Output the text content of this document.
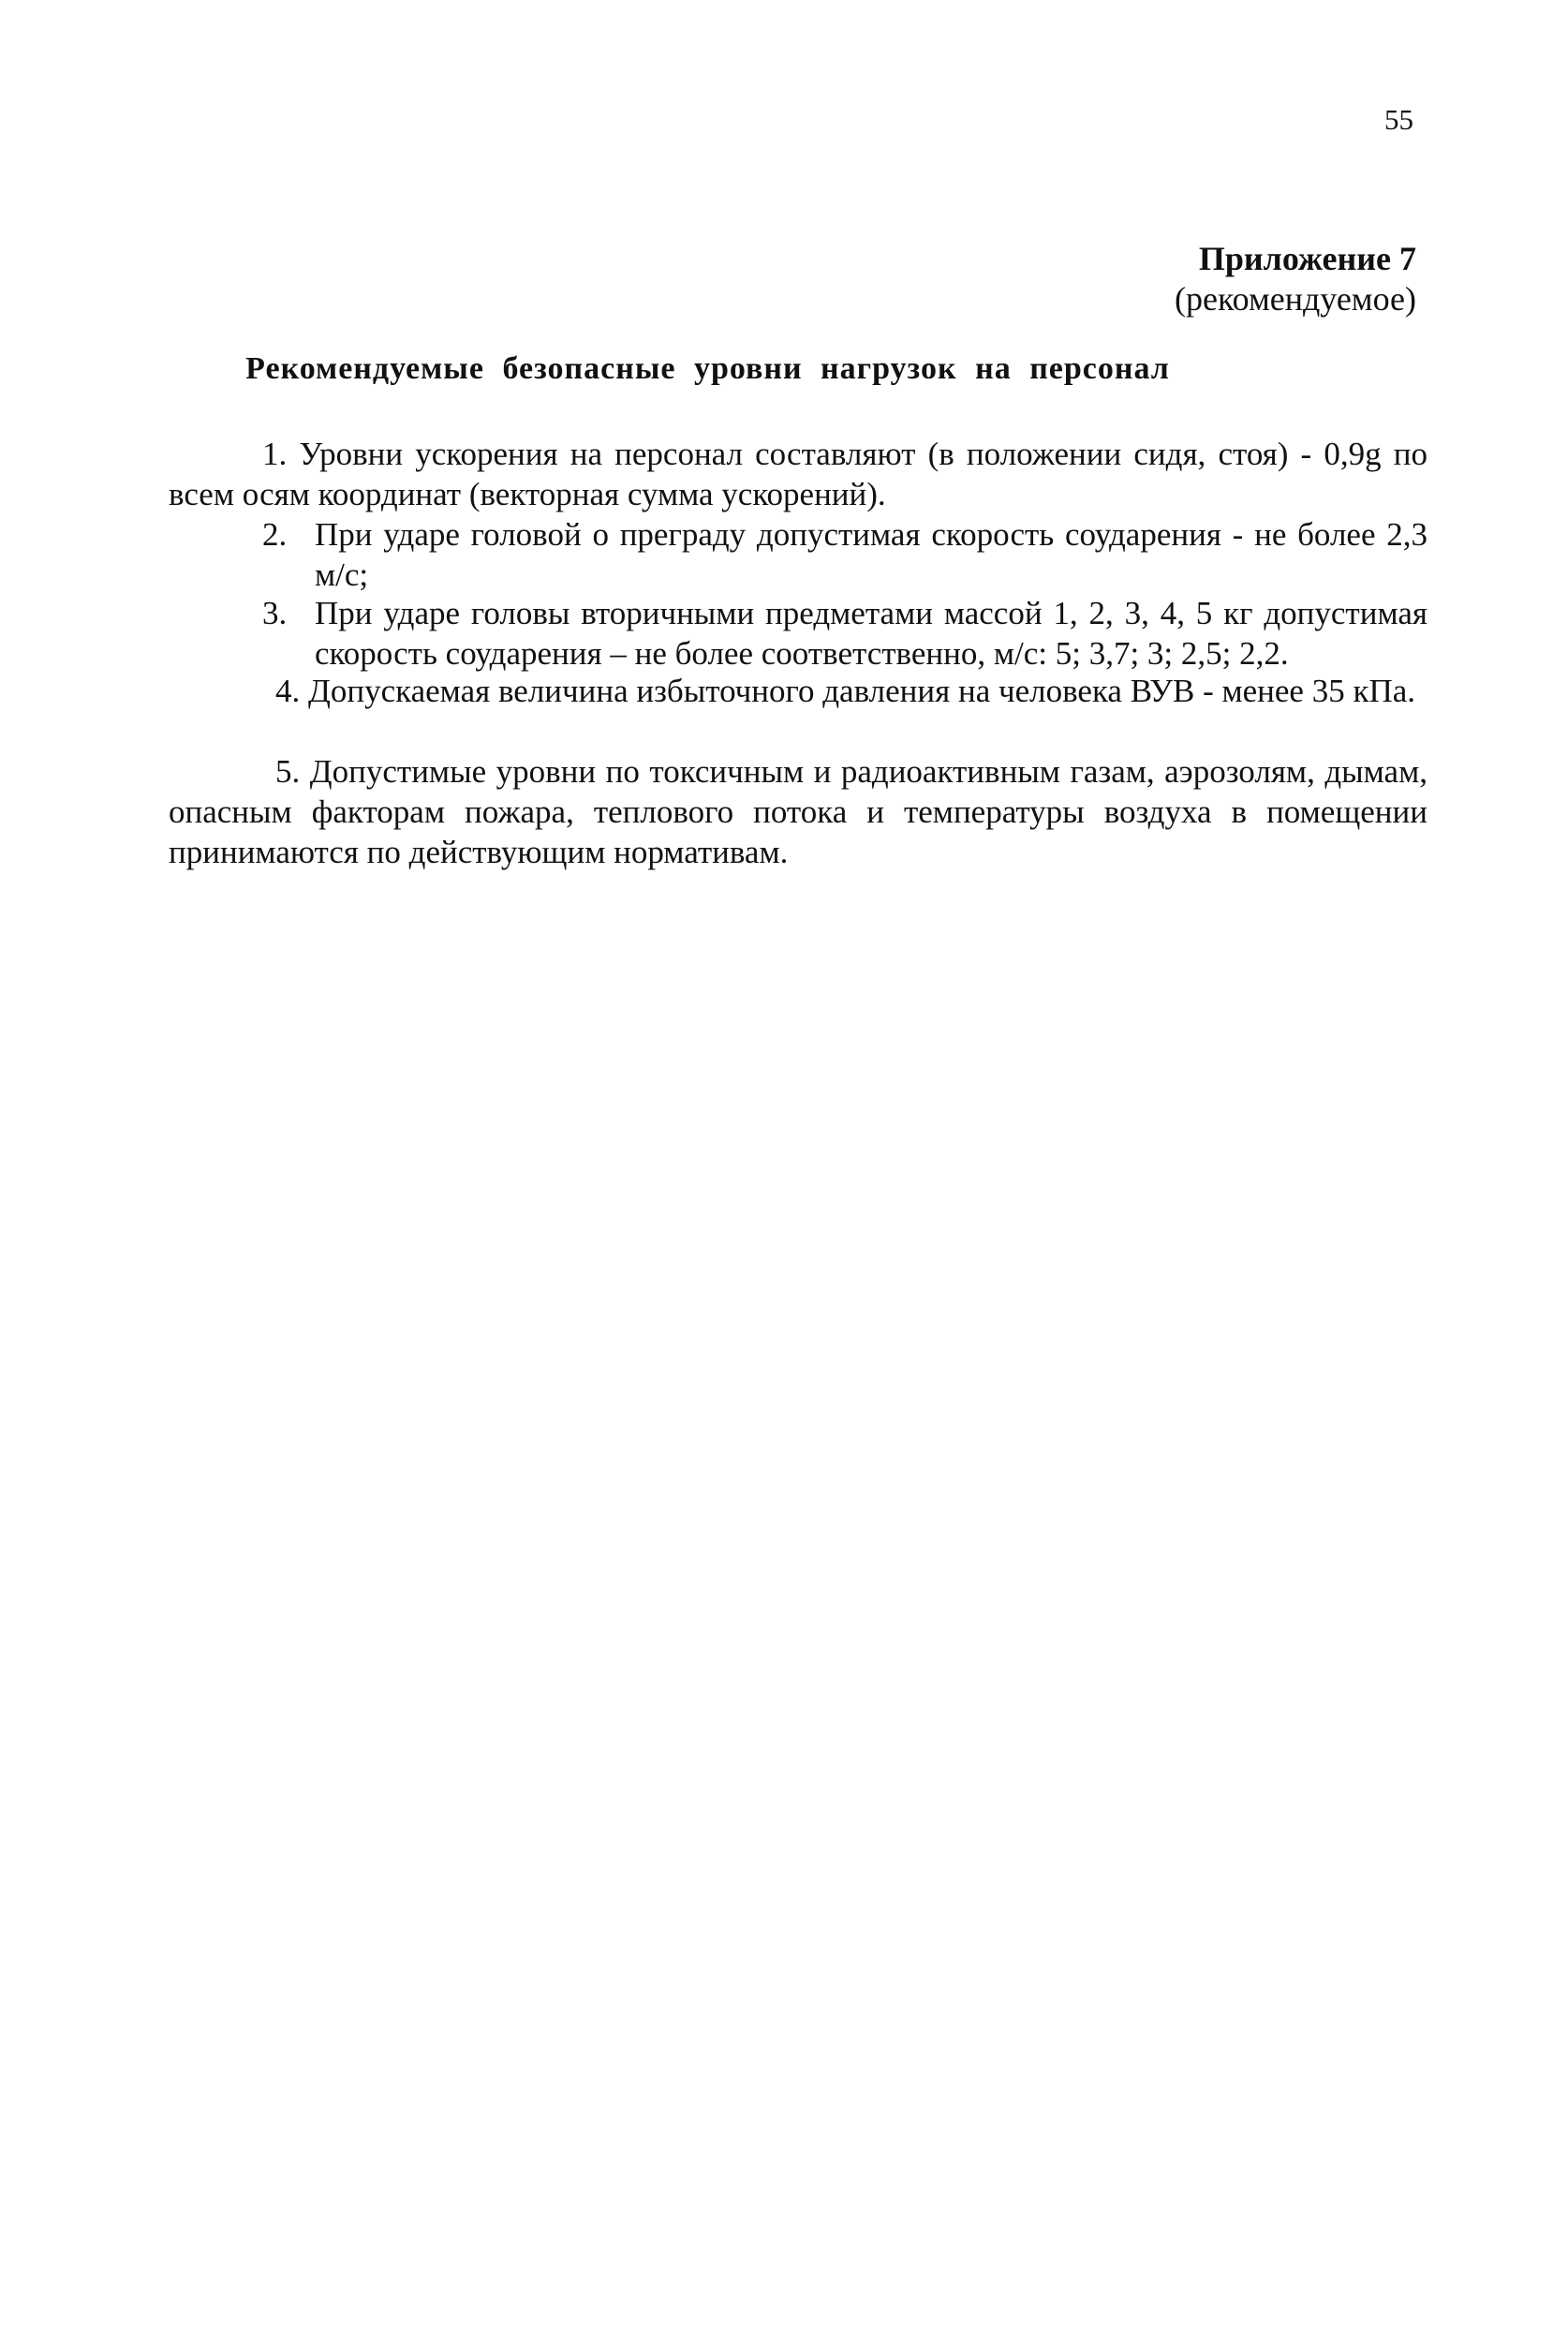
55
Приложение 7
(рекомендуемое)
Рекомендуемые безопасные уровни нагрузок на персонал

1. Уровни ускорения на персонал составляют (в положении сидя, стоя) - 0,9g по всем осям координат (векторная сумма ускорений).

2. При ударе головой о преграду допустимая скорость соударения - не более 2,3 м/с;

3. При ударе головы вторичными предметами массой 1, 2, 3, 4, 5 кг допустимая скорость соударения – не более соответственно, м/с: 5; 3,7; 3; 2,5; 2,2.

4. Допускаемая величина избыточного давления на человека ВУВ - менее 35 кПа.

5. Допустимые уровни по токсичным и радиоактивным газам, аэрозолям, дымам, опасным факторам пожара, теплового потока и температуры воздуха в помещении принимаются по действующим нормативам.
